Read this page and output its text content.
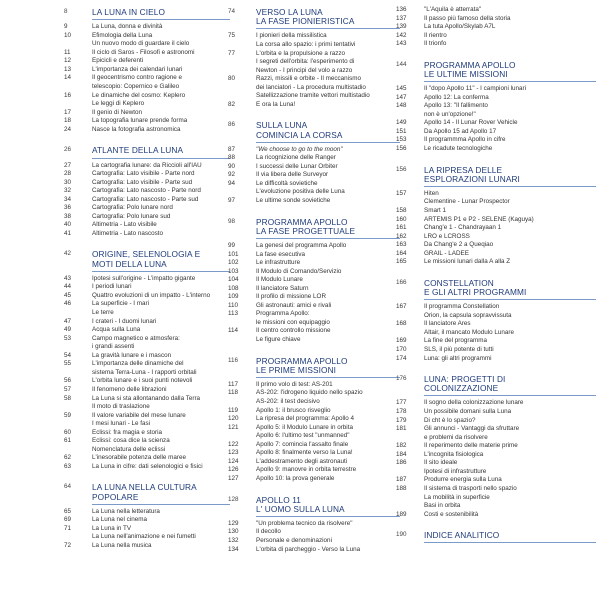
8	LA LUNA IN CIELO
9	La Luna, donna e divinità
10	Efimologia della Luna
Un nuovo modo di guardare il cielo
11	Il ciclo di Saros - Filosofi e astronomi
12	Epicicli e deferenti
13	L'importanza dei calendari lunari
14	Il geocentrismo contro ragione e
telescopio: Copernico e Galileo
16	Le dinamiche del cosmo: Keplero
Le leggi di Keplero
17	Il genio di Newton
18	La topografia lunare prende forma
24	Nasce la fotografia astronomica
26	ATLANTE DELLA LUNA
27	La cartografia lunare: da Riccioli all'IAU
28	Cartografia: Lato visibile - Parte nord
30	Cartografia: Lato visibile - Parte sud
32	Cartografia: Lato nascosto - Parte nord
34	Cartografia: Lato nascosto - Parte sud
36	Cartografia: Polo lunare nord
38	Cartografia: Polo lunare sud
40	Altimetria - Lato visibile
41	Altimetria - Lato nascosto
42	ORIGINE, SELENOLOGIA E
MOTI DELLA LUNA
43	Ipotesi sull'origine - L'impatto gigante
44	I periodi lunari
45	Quattro evoluzioni di un impatto - L'interno
46	La superficie - I mari
Le terre
47	I crateri - I duomi lunari
49	Acqua sulla Luna
53	Campo magnetico e atmosfera:
i grandi assenti
54	La gravità lunare e i mascon
55	L'importanza delle dinamiche del
sistema Terra-Luna - I rapporti orbitali
56	L'orbita lunare e i suoi punti notevoli
57	Il fenomeno delle librazioni
58	La Luna si sta allontanando dalla Terra
Il moto di traslazione
59	Il valore variabile del mese lunare
I mesi lunari - Le fasi
60	Eclissi: fra magia e storia
61	Eclissi: cosa dice la scienza
Nomenclatura delle eclissi
62	L'inesorabile potenza delle maree
63	La Luna in cifre: dati selenologici e fisici
64	LA LUNA NELLA CULTURA
POPOLARE
65	La Luna nella letteratura
69	La Luna nel cinema
71	La Luna in TV
La Luna nell'animazione e nei fumetti
72	La Luna nella musica
74	VERSO LA LUNA
LA FASE PIONIERISTICA
75	I pionieri della missilistica
La corsa allo spazio: i primi tentativi
77	L'orbita e la propulsione a razzo
I segreti dell'orbita: l'esperimento di
Newton - I principi del volo a razzo
80	Razzi, missili e orbite - Il meccanismo
dei lanciatori - La procedura multistadio
Satellizzazione tramite vettori multistadio
82	E ora la Luna!
86	SULLA LUNA
COMINCIA LA CORSA
87	"We choose to go to the moon"
88	La ricognizione delle Ranger
90	I successi delle Lunar Orbiter
92	Il via libera delle Surveyor
94	Le difficoltà sovietiche
L'evoluzione positiva delle Luna
97	Le ultime sonde sovietiche
98	PROGRAMMA APOLLO
LA FASE PROGETTUALE
99	La genesi del programma Apollo
101	La fase esecutiva
102	Le infrastrutture
103	Il Modulo di Comando/Servizio
104	Il Modulo Lunare
108	Il lanciatore Saturn
109	Il profilo di missione LOR
110	Gli astronauti: amici e rivali
113	Programma Apollo:
le missioni con equipaggio
114	Il centro controllo missione
Le figure chiave
116	PROGRAMMA APOLLO
LE PRIME MISSIONI
117	Il primo volo di test: AS-201
118	AS-202: l'idrogeno liquido nello spazio
AS-202: il test decisivo
119	Apollo 1: il brusco risveglio
120	La ripresa del programma: Apollo 4
121	Apollo 5: il Modulo Lunare in orbita
Apollo 6: l'ultimo test "unmanned"
122	Apollo 7: comincia l'assalto finale
123	Apollo 8: finalmente verso la Luna!
124	L'addestramento degli astronauti
126	Apollo 9: manovre in orbita terrestre
127	Apollo 10: la prova generale
128	APOLLO 11
L' UOMO SULLA LUNA
129	"Un problema tecnico da risolvere"
130	Il decollo
132	Personale e denominazioni
134	L'orbita di parcheggio - Verso la Luna
136	"L'Aquila è atterrata"
137	Il passo più famoso della storia
139	La tuta Apollo/Skylab A7L
142	Il rientro
143	Il trionfo
144	PROGRAMMA APOLLO
LE ULTIME MISSIONI
145	Il "dopo Apollo 11" - I campioni lunari
147	Apollo 12: La conferma
148	Apollo 13: "Il fallimento
non è un'opzione!"
149	Apollo 14 - Il Lunar Rover Vehicle
151	Da Apollo 15 ad Apollo 17
153	Il programmma Apollo in cifre
156	Le ricadute tecnologiche
156	LA RIPRESA DELLE
ESPLORAZIONI LUNARI
157	Hiten
Clementine - Lunar Prospector
158	Smart 1
160	ARTEMIS P1 e P2 - SELENE (Kaguya)
161	Chang'e 1 - Chandrayaan 1
162	LRO e LCROSS
163	Da Chang'e 2 a Queqiao
164	GRAIL - LADEE
165	Le missioni lunari dalla A alla Z
166	CONSTELLATION
E GLI ALTRI PROGRAMMI
167	Il programma Constellation
Orion, la capsula sopravvissuta
168	Il lanciatore Ares
Altair, il mancato Modulo Lunare
169	La fine del programma
170	SLS, il più potente di tutti
174	Luna: gli altri programmi
176	LUNA: PROGETTI DI
COLONIZZAZIONE
177	Il sogno della colonizzazione lunare
178	Un possibile domani sulla Luna
179	Di cht è lo spazio?
181	Gli annunci - Vantaggi da sfruttare
e problemi da risolvere
182	Il reperimento delle materie prime
184	L'incognita fisiologica
186	Il sito ideale
Ipotesi di infrastrutture
187	Produrre energia sulla Luna
188	Il sistema di trasporti nello spazio
La mobilità in superficie
Basi in orbita
189	Costi e sostenibilità
190	INDICE ANALITICO
